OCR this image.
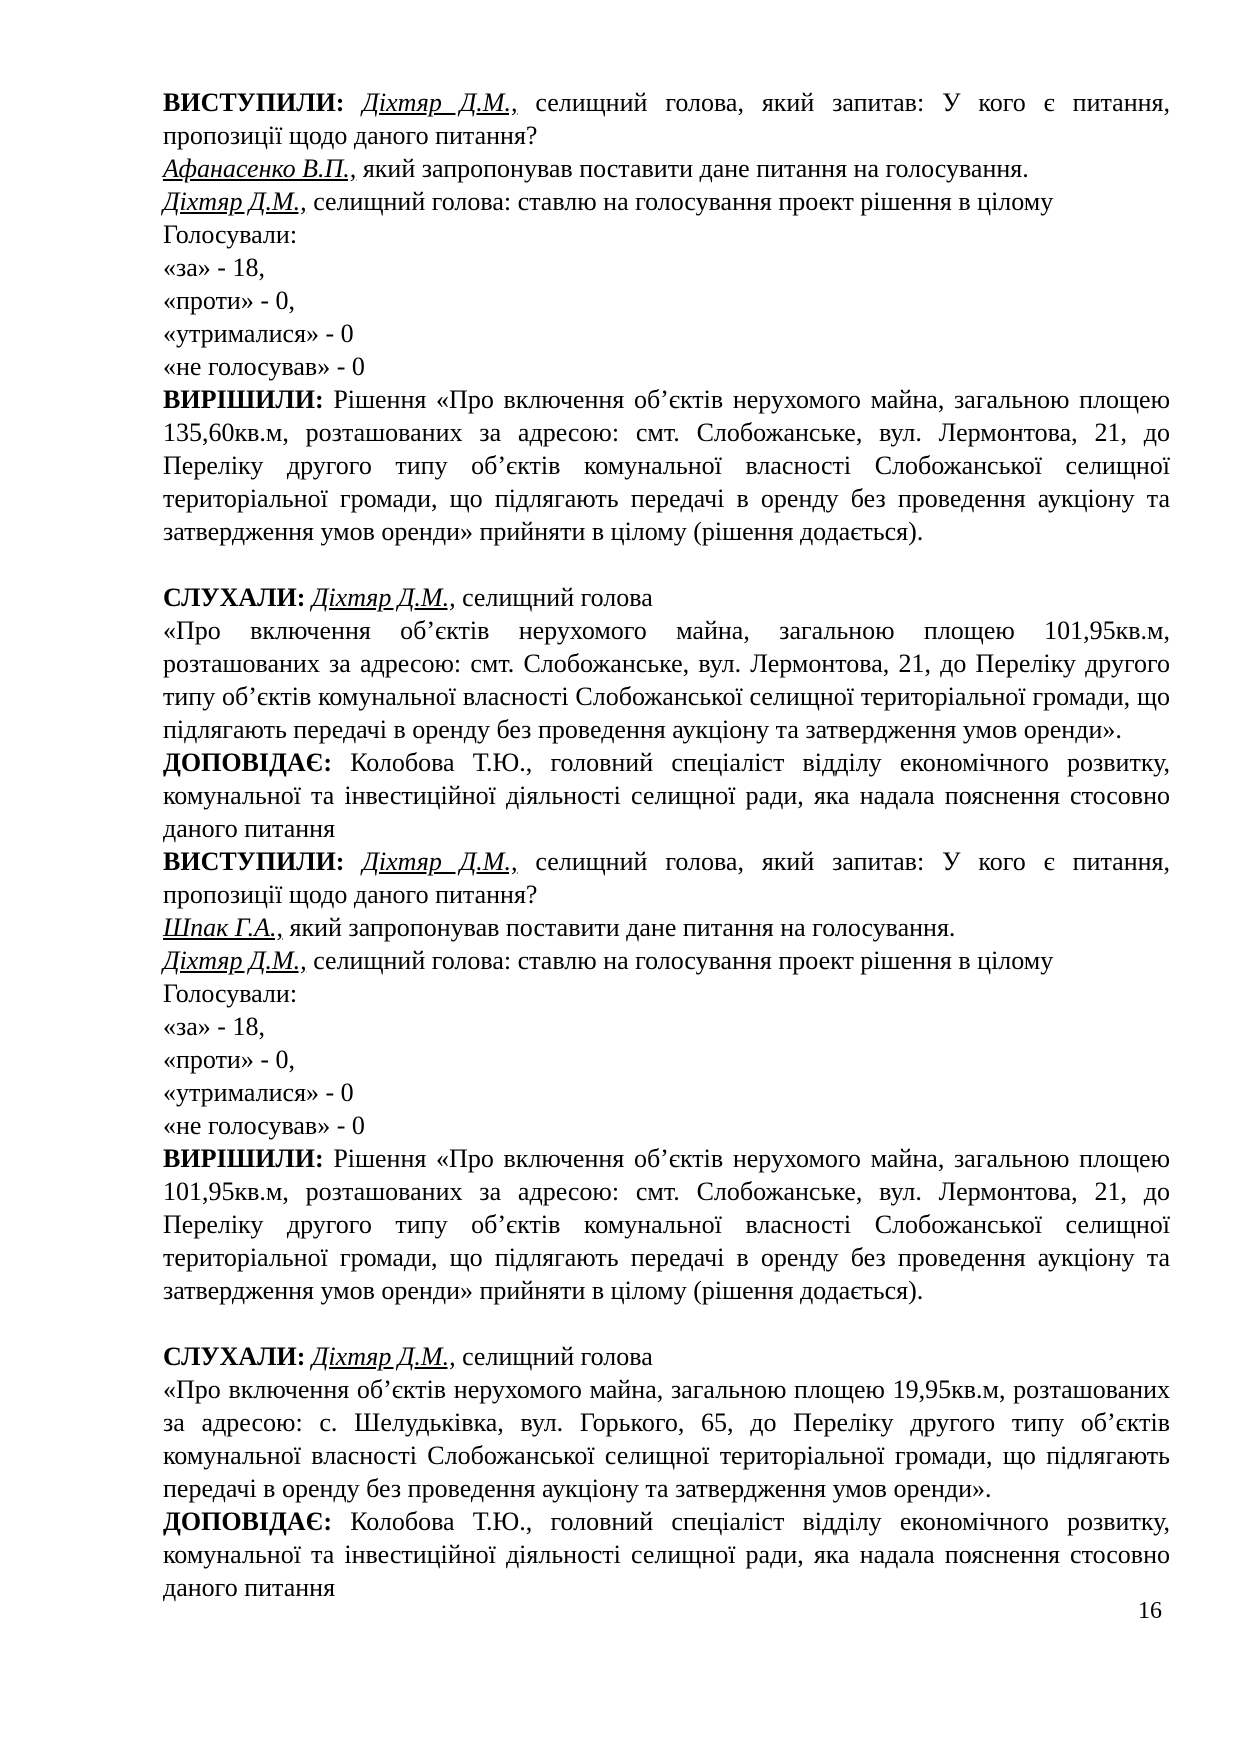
ВИСТУПИЛИ: Діхтяр Д.М., селищний голова, який запитав: У кого є питання, пропозиції щодо даного питання?

Афанасенко В.П., який запропонував поставити дане питання на голосування.

Діхтяр Д.М., селищний голова: ставлю на голосування проект рішення в цілому

Голосували:

«за» - 18,

«проти» - 0,

«утрималися» - 0

«не голосував» - 0

ВИРІШИЛИ: Рішення «Про включення об’єктів нерухомого майна, загальною площею 135,60кв.м, розташованих за адресою: смт. Слобожанське, вул. Лермонтова, 21, до Переліку другого типу об’єктів комунальної власності Слобожанської селищної територіальної громади, що підлягають передачі в оренду без проведення аукціону та затвердження умов оренди» прийняти в цілому (рішення додається).

СЛУХАЛИ: Діхтяр Д.М., селищний голова

«Про включення об’єктів нерухомого майна, загальною площею 101,95кв.м, розташованих за адресою: смт. Слобожанське, вул. Лермонтова, 21, до Переліку другого типу об’єктів комунальної власності Слобожанської селищної територіальної громади, що підлягають передачі в оренду без проведення аукціону та затвердження умов оренди».

ДОПОВІДАЄ: Колобова Т.Ю., головний спеціаліст відділу економічного розвитку, комунальної та інвестиційної діяльності селищної ради, яка надала пояснення стосовно даного питання

ВИСТУПИЛИ: Діхтяр Д.М., селищний голова, який запитав: У кого є питання, пропозиції щодо даного питання?

Шпак Г.А., який запропонував поставити дане питання на голосування.

Діхтяр Д.М., селищний голова: ставлю на голосування проект рішення в цілому

Голосували:

«за» - 18,

«проти» - 0,

«утрималися» - 0

«не голосував» - 0

ВИРІШИЛИ: Рішення «Про включення об’єктів нерухомого майна, загальною площею 101,95кв.м, розташованих за адресою: смт. Слобожанське, вул. Лермонтова, 21, до Переліку другого типу об’єктів комунальної власності Слобожанської селищної територіальної громади, що підлягають передачі в оренду без проведення аукціону та затвердження умов оренди» прийняти в цілому (рішення додається).

СЛУХАЛИ: Діхтяр Д.М., селищний голова

«Про включення об’єктів нерухомого майна, загальною площею 19,95кв.м, розташованих за адресою: с. Шелудьківка, вул. Горького, 65, до Переліку другого типу об’єктів комунальної власності Слобожанської селищної територіальної громади, що підлягають передачі в оренду без проведення аукціону та затвердження умов оренди».

ДОПОВІДАЄ: Колобова Т.Ю., головний спеціаліст відділу економічного розвитку, комунальної та інвестиційної діяльності селищної ради, яка надала пояснення стосовно даного питання

16
